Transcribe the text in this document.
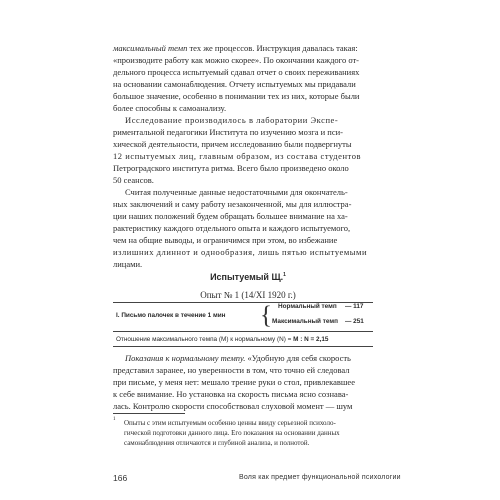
максимальный темп тех же процессов. Инструкция давалась такая:

«производите работу как можно скорее». По окончании каждого от-

дельного процесса испытуемый сдавал отчет о своих переживаниях

на основании самонаблюдения. Отчету испытуемых мы придавали

большое значение, особенно в понимании тех из них, которые были

более способны к самоанализу.

Исследование производилось в лаборатории Экспе-

риментальной педагогики Института по изучению мозга и пси-

хической деятельности, причем исследованию были подвергнуты

12 испытуемых лиц, главным образом, из состава студентов

Петроградского института ритма. Всего было произведено около

50 сеансов.

Считая полученные данные недостаточными для окончатель-

ных заключений и саму работу незаконченной, мы для иллюстра-

ции наших положений будем обращать большее внимание на ха-

рактеристику каждого отдельного опыта и каждого испытуемого,

чем на общие выводы, и ограничимся при этом, во избежание

излишних длиннот и однообразия, лишь пятью испытуемыми

лицами.

Испытуемый Щ.$^1$
Опыт № 1 (14/XI 1920 г.)
I. Письмо палочек в течение 1 мин { Нормальный темп — 117
Максимальный темп — 251
Отношение максимального темпа (M) к нормальному (N) = M : N = 2,15

Показания к нормальному темпу. «Удобную для себя скорость

представил заранее, но уверенности в том, что точно ей следовал

при письме, у меня нет: мешало трение руки о стол, привлекавшее

к себе внимание. Но установка на скорость письма ясно сознава-

лась. Контролю скорости способствовал слуховой момент — шум

1	Опыты с этим испытуемым особенно ценны ввиду серьезной психоло-
гической подготовки данного лица. Его показания на основании данных
самонаблюдения отличаются и глубиной анализа, и полнотой.
166	Воля как предмет функциональной психологии
